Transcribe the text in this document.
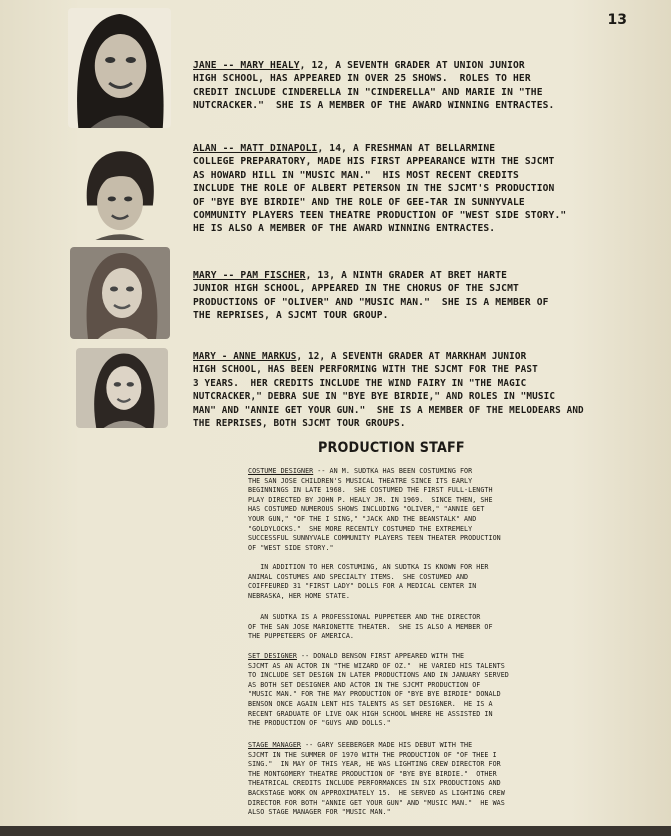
13
JANE -- MARY HEALY, 12, A SEVENTH GRADER AT UNION JUNIOR
HIGH SCHOOL, HAS APPEARED IN OVER 25 SHOWS.  ROLES TO HER
CREDIT INCLUDE CINDERELLA IN "CINDERELLA" AND MARIE IN "THE
NUTCRACKER."  SHE IS A MEMBER OF THE AWARD WINNING ENTRACTES.
ALAN -- MATT DINAPOLI, 14, A FRESHMAN AT BELLARMINE
COLLEGE PREPARATORY, MADE HIS FIRST APPEARANCE WITH THE SJCMT
AS HOWARD HILL IN "MUSIC MAN."  HIS MOST RECENT CREDITS
INCLUDE THE ROLE OF ALBERT PETERSON IN THE SJCMT'S PRODUCTION
OF "BYE BYE BIRDIE" AND THE ROLE OF GEE-TAR IN SUNNYVALE
COMMUNITY PLAYERS TEEN THEATRE PRODUCTION OF "WEST SIDE STORY."
HE IS ALSO A MEMBER OF THE AWARD WINNING ENTRACTES.
MARY -- PAM FISCHER, 13, A NINTH GRADER AT BRET HARTE
JUNIOR HIGH SCHOOL, APPEARED IN THE CHORUS OF THE SJCMT
PRODUCTIONS OF "OLIVER" AND "MUSIC MAN."  SHE IS A MEMBER OF
THE REPRISES, A SJCMT TOUR GROUP.
MARY - ANNE MARKUS, 12, A SEVENTH GRADER AT MARKHAM JUNIOR
HIGH SCHOOL, HAS BEEN PERFORMING WITH THE SJCMT FOR THE PAST
3 YEARS.  HER CREDITS INCLUDE THE WIND FAIRY IN "THE MAGIC
NUTCRACKER," DEBRA SUE IN "BYE BYE BIRDIE," AND ROLES IN "MUSIC
MAN" AND "ANNIE GET YOUR GUN."  SHE IS A MEMBER OF THE MELODEARS AND
THE REPRISES, BOTH SJCMT TOUR GROUPS.
PRODUCTION STAFF
COSTUME DESIGNER -- AN M. SUDTKA HAS BEEN COSTUMING FOR
THE SAN JOSE CHILDREN'S MUSICAL THEATRE SINCE ITS EARLY
BEGINNINGS IN LATE 1968.  SHE COSTUMED THE FIRST FULL-LENGTH
PLAY DIRECTED BY JOHN P. HEALY JR. IN 1969.  SINCE THEN, SHE
HAS COSTUMED NUMEROUS SHOWS INCLUDING "OLIVER," "ANNIE GET
YOUR GUN," "OF THE I SING," "JACK AND THE BEANSTALK" AND
"GOLDYLOCKS."  SHE MORE RECENTLY COSTUMED THE EXTREMELY
SUCCESSFUL SUNNYVALE COMMUNITY PLAYERS TEEN THEATER PRODUCTION
OF "WEST SIDE STORY."
IN ADDITION TO HER COSTUMING, AN SUDTKA IS KNOWN FOR HER
ANIMAL COSTUMES AND SPECIALTY ITEMS.  SHE COSTUMED AND
COIFFEURED 31 "FIRST LADY" DOLLS FOR A MEDICAL CENTER IN
NEBRASKA, HER HOME STATE.
AN SUDTKA IS A PROFESSIONAL PUPPETEER AND THE DIRECTOR
OF THE SAN JOSE MARIONETTE THEATER.  SHE IS ALSO A MEMBER OF
THE PUPPETEERS OF AMERICA.
SET DESIGNER -- DONALD BENSON FIRST APPEARED WITH THE
SJCMT AS AN ACTOR IN "THE WIZARD OF OZ."  HE VARIED HIS TALENTS
TO INCLUDE SET DESIGN IN LATER PRODUCTIONS AND IN JANUARY SERVED
AS BOTH SET DESIGNER AND ACTOR IN THE SJCMT PRODUCTION OF
"MUSIC MAN." FOR THE MAY PRODUCTION OF "BYE BYE BIRDIE" DONALD
BENSON ONCE AGAIN LENT HIS TALENTS AS SET DESIGNER.  HE IS A
RECENT GRADUATE OF LIVE OAK HIGH SCHOOL WHERE HE ASSISTED IN
THE PRODUCTION OF "GUYS AND DOLLS."
STAGE MANAGER -- GARY SEEBERGER MADE HIS DEBUT WITH THE
SJCMT IN THE SUMMER OF 1970 WITH THE PRODUCTION OF "OF THEE I
SING."  IN MAY OF THIS YEAR, HE WAS LIGHTING CREW DIRECTOR FOR
THE MONTGOMERY THEATRE PRODUCTION OF "BYE BYE BIRDIE."  OTHER
THEATRICAL CREDITS INCLUDE PERFORMANCES IN SIX PRODUCTIONS AND
BACKSTAGE WORK ON APPROXIMATELY 15.  HE SERVED AS LIGHTING CREW
DIRECTOR FOR BOTH "ANNIE GET YOUR GUN" AND "MUSIC MAN."  HE WAS
ALSO STAGE MANAGER FOR "MUSIC MAN."
